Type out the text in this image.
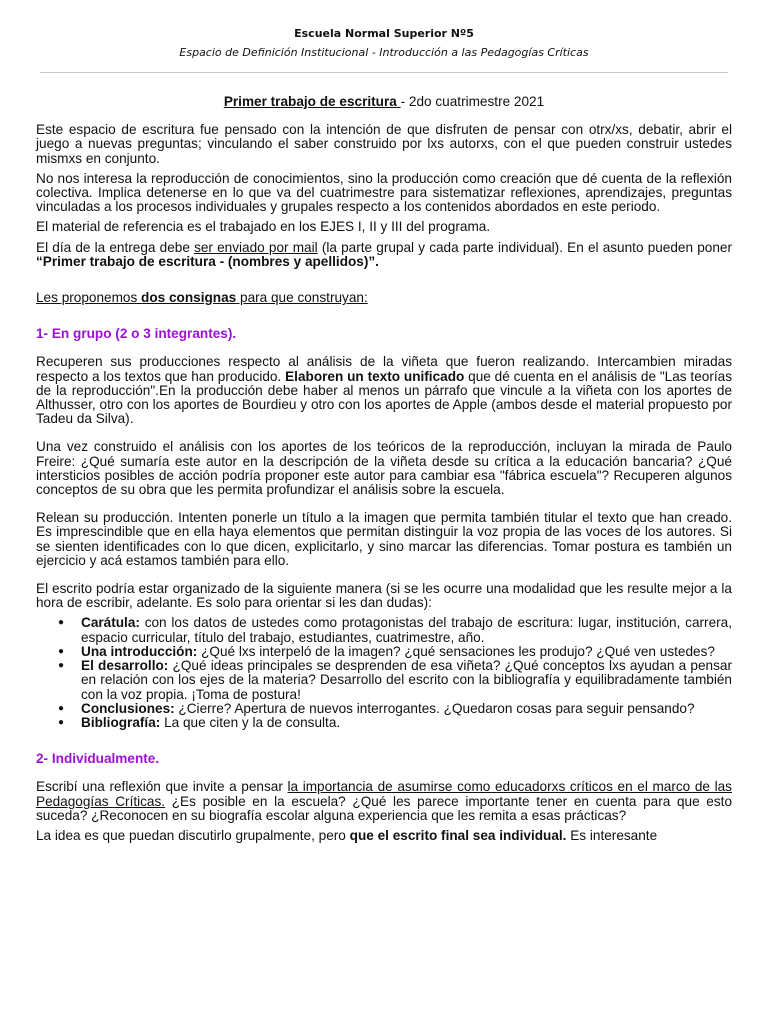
Escuela Normal Superior Nº5
Espacio de Definición Institucional - Introducción a las Pedagogías Críticas

Primer trabajo de escritura - 2do cuatrimestre 2021

Este espacio de escritura fue pensado con la intención de que disfruten de pensar con otrx/xs, debatir, abrir el juego a nuevas preguntas; vinculando el saber construido por lxs autorxs, con el que pueden construir ustedes mismxs en conjunto.

No nos interesa la reproducción de conocimientos, sino la producción como creación que dé cuenta de la reflexión colectiva. Implica detenerse en lo que va del cuatrimestre para sistematizar reflexiones, aprendizajes, preguntas vinculadas a los procesos individuales y grupales respecto a los contenidos abordados en este periodo.

El material de referencia es el trabajado en los EJES I, II y III del programa.

El día de la entrega debe ser enviado por mail (la parte grupal y cada parte individual). En el asunto pueden poner “Primer trabajo de escritura - (nombres y apellidos)”.

Les proponemos dos consignas para que construyan:

1- En grupo (2 o 3 integrantes).

Recuperen sus producciones respecto al análisis de la viñeta que fueron realizando. Intercambien miradas respecto a los textos que han producido. Elaboren un texto unificado que dé cuenta en el análisis de "Las teorías de la reproducción".En la producción debe haber al menos un párrafo que vincule a la viñeta con los aportes de Althusser, otro con los aportes de Bourdieu y otro con los aportes de Apple (ambos desde el material propuesto por Tadeu da Silva).

Una vez construido el análisis con los aportes de los teóricos de la reproducción, incluyan la mirada de Paulo Freire: ¿Qué sumaría este autor en la descripción de la viñeta desde su crítica a la educación bancaria? ¿Qué intersticios posibles de acción podría proponer este autor para cambiar esa "fábrica escuela"? Recuperen algunos conceptos de su obra que les permita profundizar el análisis sobre la escuela.

Relean su producción. Intenten ponerle un título a la imagen que permita también titular el texto que han creado. Es imprescindible que en ella haya elementos que permitan distinguir la voz propia de las voces de los autores. Si se sienten identificades con lo que dicen, explicitarlo, y sino marcar las diferencias. Tomar postura es también un ejercicio y acá estamos también para ello.

El escrito podría estar organizado de la siguiente manera (si se les ocurre una modalidad que les resulte mejor a la hora de escribir, adelante. Es solo para orientar si les dan dudas):

● Carátula: con los datos de ustedes como protagonistas del trabajo de escritura: lugar, institución, carrera, espacio curricular, título del trabajo, estudiantes, cuatrimestre, año.
● Una introducción: ¿Qué lxs interpeló de la imagen? ¿qué sensaciones les produjo? ¿Qué ven ustedes?
● El desarrollo: ¿Qué ideas principales se desprenden de esa viñeta? ¿Qué conceptos lxs ayudan a pensar en relación con los ejes de la materia? Desarrollo del escrito con la bibliografía y equilibradamente también con la voz propia. ¡Toma de postura!
● Conclusiones: ¿Cierre? Apertura de nuevos interrogantes. ¿Quedaron cosas para seguir pensando?
● Bibliografía: La que citen y la de consulta.

2- Individualmente.

Escribí una reflexión que invite a pensar la importancia de asumirse como educadorxs críticos en el marco de las Pedagogías Críticas. ¿Es posible en la escuela? ¿Qué les parece importante tener en cuenta para que esto suceda? ¿Reconocen en su biografía escolar alguna experiencia que les remita a esas prácticas?

La idea es que puedan discutirlo grupalmente, pero que el escrito final sea individual. Es interesante
